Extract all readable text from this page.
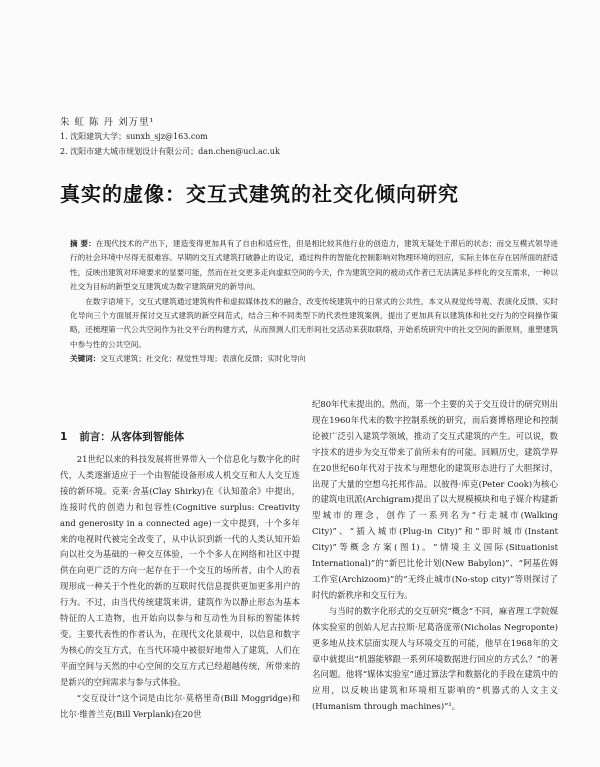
朱 虹 陈 丹 刘万里¹
1. 沈阳建筑大学；sunxh_sjz@163.com
2. 沈阳市建大城市规划设计有限公司；dan.chen@ucl.ac.uk
真实的虚像：交互式建筑的社交化倾向研究

摘 要：在现代技术的产出下，建造变得更加具有了自由和适应性，但是相比较其他行业的创造力，建筑无疑处于滞后的状态；而交互模式领导进行的社会环境中尽得无很难容。早期的交互式建筑打破静止的设定，通过构件的智能化控制影响对物理环境的回应，实际主体在存在居所面的舒适性，反映出建筑对环境要求的显要可能，然而在社交更多走向虚拟空间的今天，作为建筑空间的被动式作者已无法满足多样化的交互需求，一种以社交为目标的新型交互建筑成为数字建筑研究的新导向。

在数字语境下，交互式建筑通过建筑构件和虚拟媒体技术的融合，改变传统建筑中的日常式的公共性，本文从视觉传导观、表演化反馈、实时化导向三个方面展开探讨交互式建筑的新空间范式，结合三种不同类型下的代表性建筑案例，提出了更加具有以建筑体和社交行为的空间操作策略，还梳理第一代公共空间作为社交平台的构建方式，从而预测人们无形间社交活动来获取联络，开始系统研究中的社交空间的新原则，重塑建筑中参与性的公共空间。

关键词：交互式建筑；社交化；视觉性导现；表演化反馈；实时化导向

1 前言：从客体到智能体

21世纪以来的科技发展将世界带入一个信息化与数字化的时代，人类逐渐适应于一个由智能设备形成人机交互和人人交互连接的新环境。克莱·舍基(Clay Shirky)在《认知盈余》中提出，连接时代的创造力和包容性(Cognitive surplus: Creativity and generosity in a connected age)一文中提到，十个多年来的电视时代被完全改变了，从中认识到新一代的人类认知开始向以社交为基础的一种交互体验，一个个多人在网络和社区中提供在向更广泛的方向一起存在于一个交互的场所者，由个人的表现形成一种关于个性化的新的互联时代信息提供更加更多用户的行为。不过，由当代传统建筑来讲，建筑作为以静止形态为基本特征的人工造物，也开始向以参与和互动性为目标的智能体转变。主要代表性的作者认为，在现代文化景观中，以信息和数字为核心的交互方式，在当代环境中被很好地带入了建筑，人们在平面空间与天然的中心空间的交互方式已经超越传统，所带来的是新兴的空间需求与参与式体验。

“交互设计”这个词是由比尔·莫格里奇(Bill Moggridge)和比尔·维普兰克(Bill Verplank)在20世

纪80年代末提出的。然而，第一个主要的关于交互设计的研究则出现在1960年代末的数字控制系统的研究，而后赛博格理论和控制论被广泛引入建筑学领域，推动了交互式建筑的产生。可以说，数字技术的进步为交互带来了前所未有的可能。回顾历史，建筑学界在20世纪60年代对于技术与理想化的建筑形态进行了大胆探讨，出现了大量的空想乌托邦作品。以彼得·库克(Peter Cook)为核心的建筑电讯派(Archigram)提出了以大规模模块和电子媒介构建新型城市的理念，创作了一系列名为“行走城市(Walking City)”、“插入城市(Plug-in City)”和“即时城市(Instant City)”等概念方案(图1)。“情境主义国际(Situationist International)”的“新巴比伦计划(New Babylon)”、“阿基佐姆工作室(Archizoom)”的“无终止城市(No-stop city)”等则探讨了时代的新秩序和交互行为。

与当时的数字化形式的交互研究“概念”不同，麻省理工学院媒体实验室的创始人尼古拉斯·尼葛洛庞蒂(Nicholas Negroponte)更多地从技术层面实现人与环境交互的可能，他早在1968年的文章中就提出“机器能够跟一系列环境数据进行回应的方式么？”的著名问题。他将“媒体实验室”通过算法学和数据化的手段在建筑中的应用，以反映出建筑和环境相互影响的“机器式的人文主义(Humanism through machines)”¹。
